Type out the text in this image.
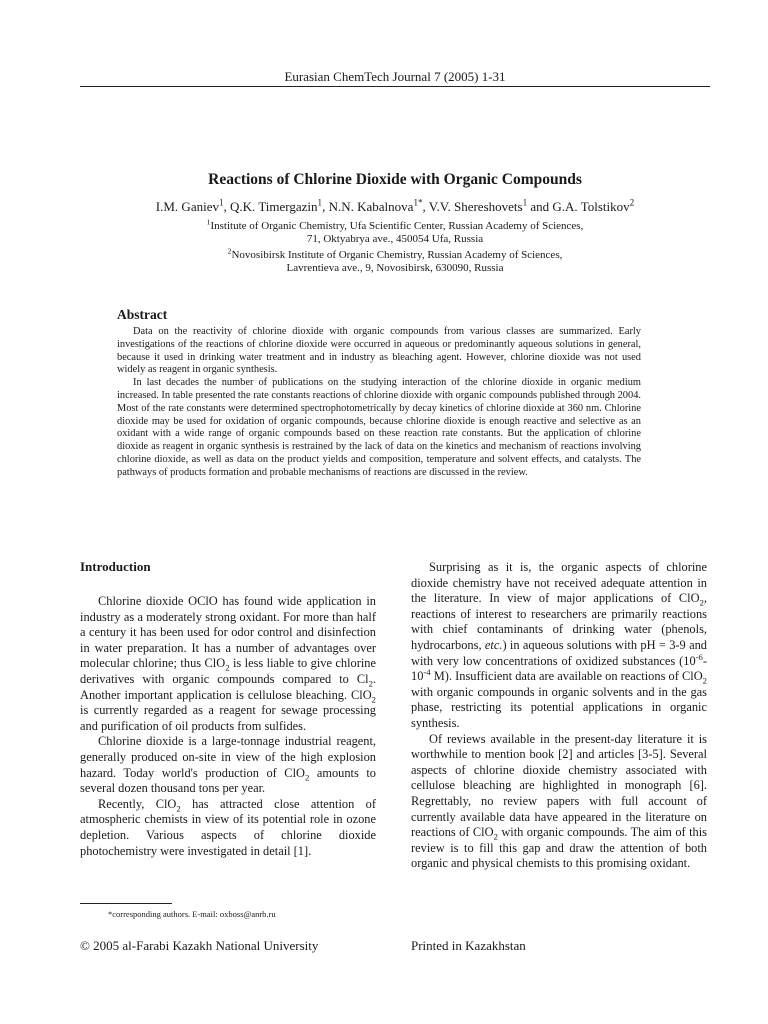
Eurasian ChemTech Journal 7 (2005) 1-31
Reactions of Chlorine Dioxide with Organic Compounds
I.M. Ganiev$^1$, Q.K. Timergazin$^1$, N.N. Kabalnova$^{1*}$, V.V. Shereshovets$^1$ and G.A. Tolstikov$^2$
$^1$Institute of Organic Chemistry, Ufa Scientific Center, Russian Academy of Sciences,
71, Oktyabrya ave., 450054 Ufa, Russia
$^2$Novosibirsk Institute of Organic Chemistry, Russian Academy of Sciences,
Lavrentieva ave., 9, Novosibirsk, 630090, Russia
Abstract

Data on the reactivity of chlorine dioxide with organic compounds from various classes are summarized. Early investigations of the reactions of chlorine dioxide were occurred in aqueous or predominantly aqueous solutions in general, because it used in drinking water treatment and in industry as bleaching agent. However, chlorine dioxide was not used widely as reagent in organic synthesis.

In last decades the number of publications on the studying interaction of the chlorine dioxide in organic medium increased. In table presented the rate constants reactions of chlorine dioxide with organic compounds published through 2004. Most of the rate constants were determined spectrophotometrically by decay kinetics of chlorine dioxide at 360 nm. Chlorine dioxide may be used for oxidation of organic compounds, because chlorine dioxide is enough reactive and selective as an oxidant with a wide range of organic compounds based on these reaction rate constants. But the application of chlorine dioxide as reagent in organic synthesis is restrained by the lack of data on the kinetics and mechanism of reactions involving chlorine dioxide, as well as data on the product yields and composition, temperature and solvent effects, and catalysts. The pathways of products formation and probable mechanisms of reactions are discussed in the review.

Introduction

Chlorine dioxide OClO has found wide application in industry as a moderately strong oxidant. For more than half a century it has been used for odor control and disinfection in water preparation. It has a number of advantages over molecular chlorine; thus ClO$_2$ is less liable to give chlorine derivatives with organic compounds compared to $Cl_2$. Another important application is cellulose bleaching. ClO$_2$ is currently regarded as a reagent for sewage processing and purification of oil products from sulfides.

Chlorine dioxide is a large-tonnage industrial reagent, generally produced on-site in view of the high explosion hazard. Today world's production of ClO$_2$ amounts to several dozen thousand tons per year.

Recently, ClO$_2$ has attracted close attention of atmospheric chemists in view of its potential role in ozone depletion. Various aspects of chlorine dioxide photochemistry were investigated in detail [1].

Surprising as it is, the organic aspects of chlorine dioxide chemistry have not received adequate attention in the literature. In view of major applications of ClO$_2$, reactions of interest to researchers are primarily reactions with chief contaminants of drinking water (phenols, hydrocarbons, etc.) in aqueous solutions with pH = 3-9 and with very low concentrations of oxidized substances ($10^{-6}-10^{-4}$ M). Insufficient data are available on reactions of ClO$_2$ with organic compounds in organic solvents and in the gas phase, restricting its potential applications in organic synthesis.

Of reviews available in the present-day literature it is worthwhile to mention book [2] and articles [3-5]. Several aspects of chlorine dioxide chemistry associated with cellulose bleaching are highlighted in monograph [6]. Regrettably, no review papers with full account of currently available data have appeared in the literature on reactions of ClO$_2$ with organic compounds. The aim of this review is to fill this gap and draw the attention of both organic and physical chemists to this promising oxidant.

*corresponding authors. E-mail: oxboss@anrb.ru
© 2005 al-Farabi Kazakh National University	Printed in Kazakhstan
